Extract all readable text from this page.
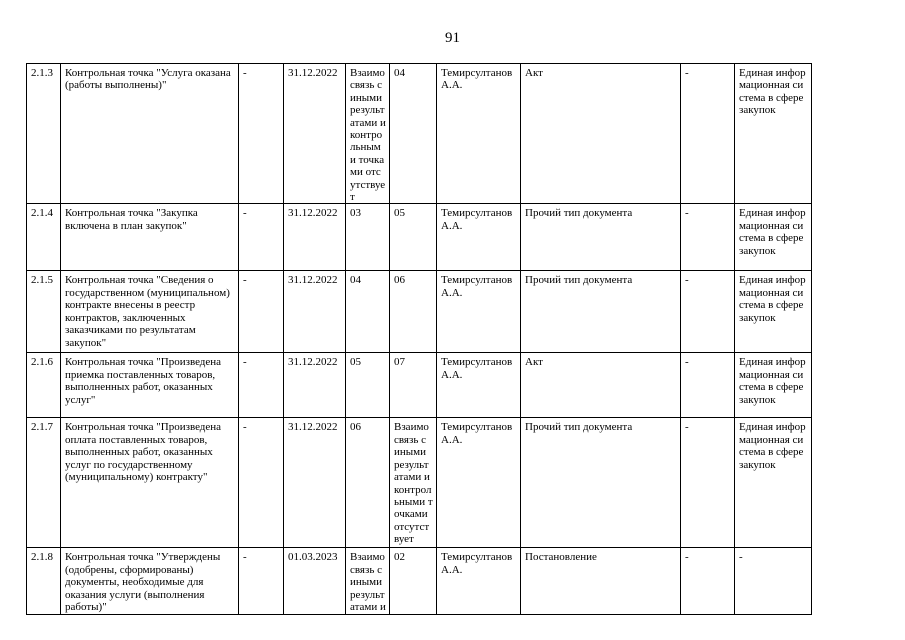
91
2.1.3	Контрольная точка "Услуга оказана (работы выполнены)"	-	31.12.2022	Взаимосвязь с иными результатами и контрольными точками отсутствует	04	Темирсултанов А.А.	Акт	-	Единая информационная система в сфере закупок
2.1.4	Контрольная точка "Закупка включена в план закупок"	-	31.12.2022	03	05	Темирсултанов А.А.	Прочий тип документа	-	Единая информационная система в сфере закупок
2.1.5	Контрольная точка "Сведения о государственном (муниципальном) контракте внесены в реестр контрактов, заключенных заказчиками по результатам закупок"	-	31.12.2022	04	06	Темирсултанов А.А.	Прочий тип документа	-	Единая информационная система в сфере закупок
2.1.6	Контрольная точка "Произведена приемка поставленных товаров, выполненных работ, оказанных услуг"	-	31.12.2022	05	07	Темирсултанов А.А.	Акт	-	Единая информационная система в сфере закупок
2.1.7	Контрольная точка "Произведена оплата поставленных товаров, выполненных работ, оказанных услуг по государственному (муниципальному) контракту"	-	31.12.2022	06	Взаимосвязь с иными результатами и контрольными точками отсутствует	Темирсултанов А.А.	Прочий тип документа	-	Единая информационная система в сфере закупок
2.1.8	Контрольная точка "Утверждены (одобрены, сформированы) документы, необходимые для оказания услуги (выполнения работы)"	-	01.03.2023	Взаимосвязь с иными результатами и	02	Темирсултанов А.А.	Постановление	-	-
